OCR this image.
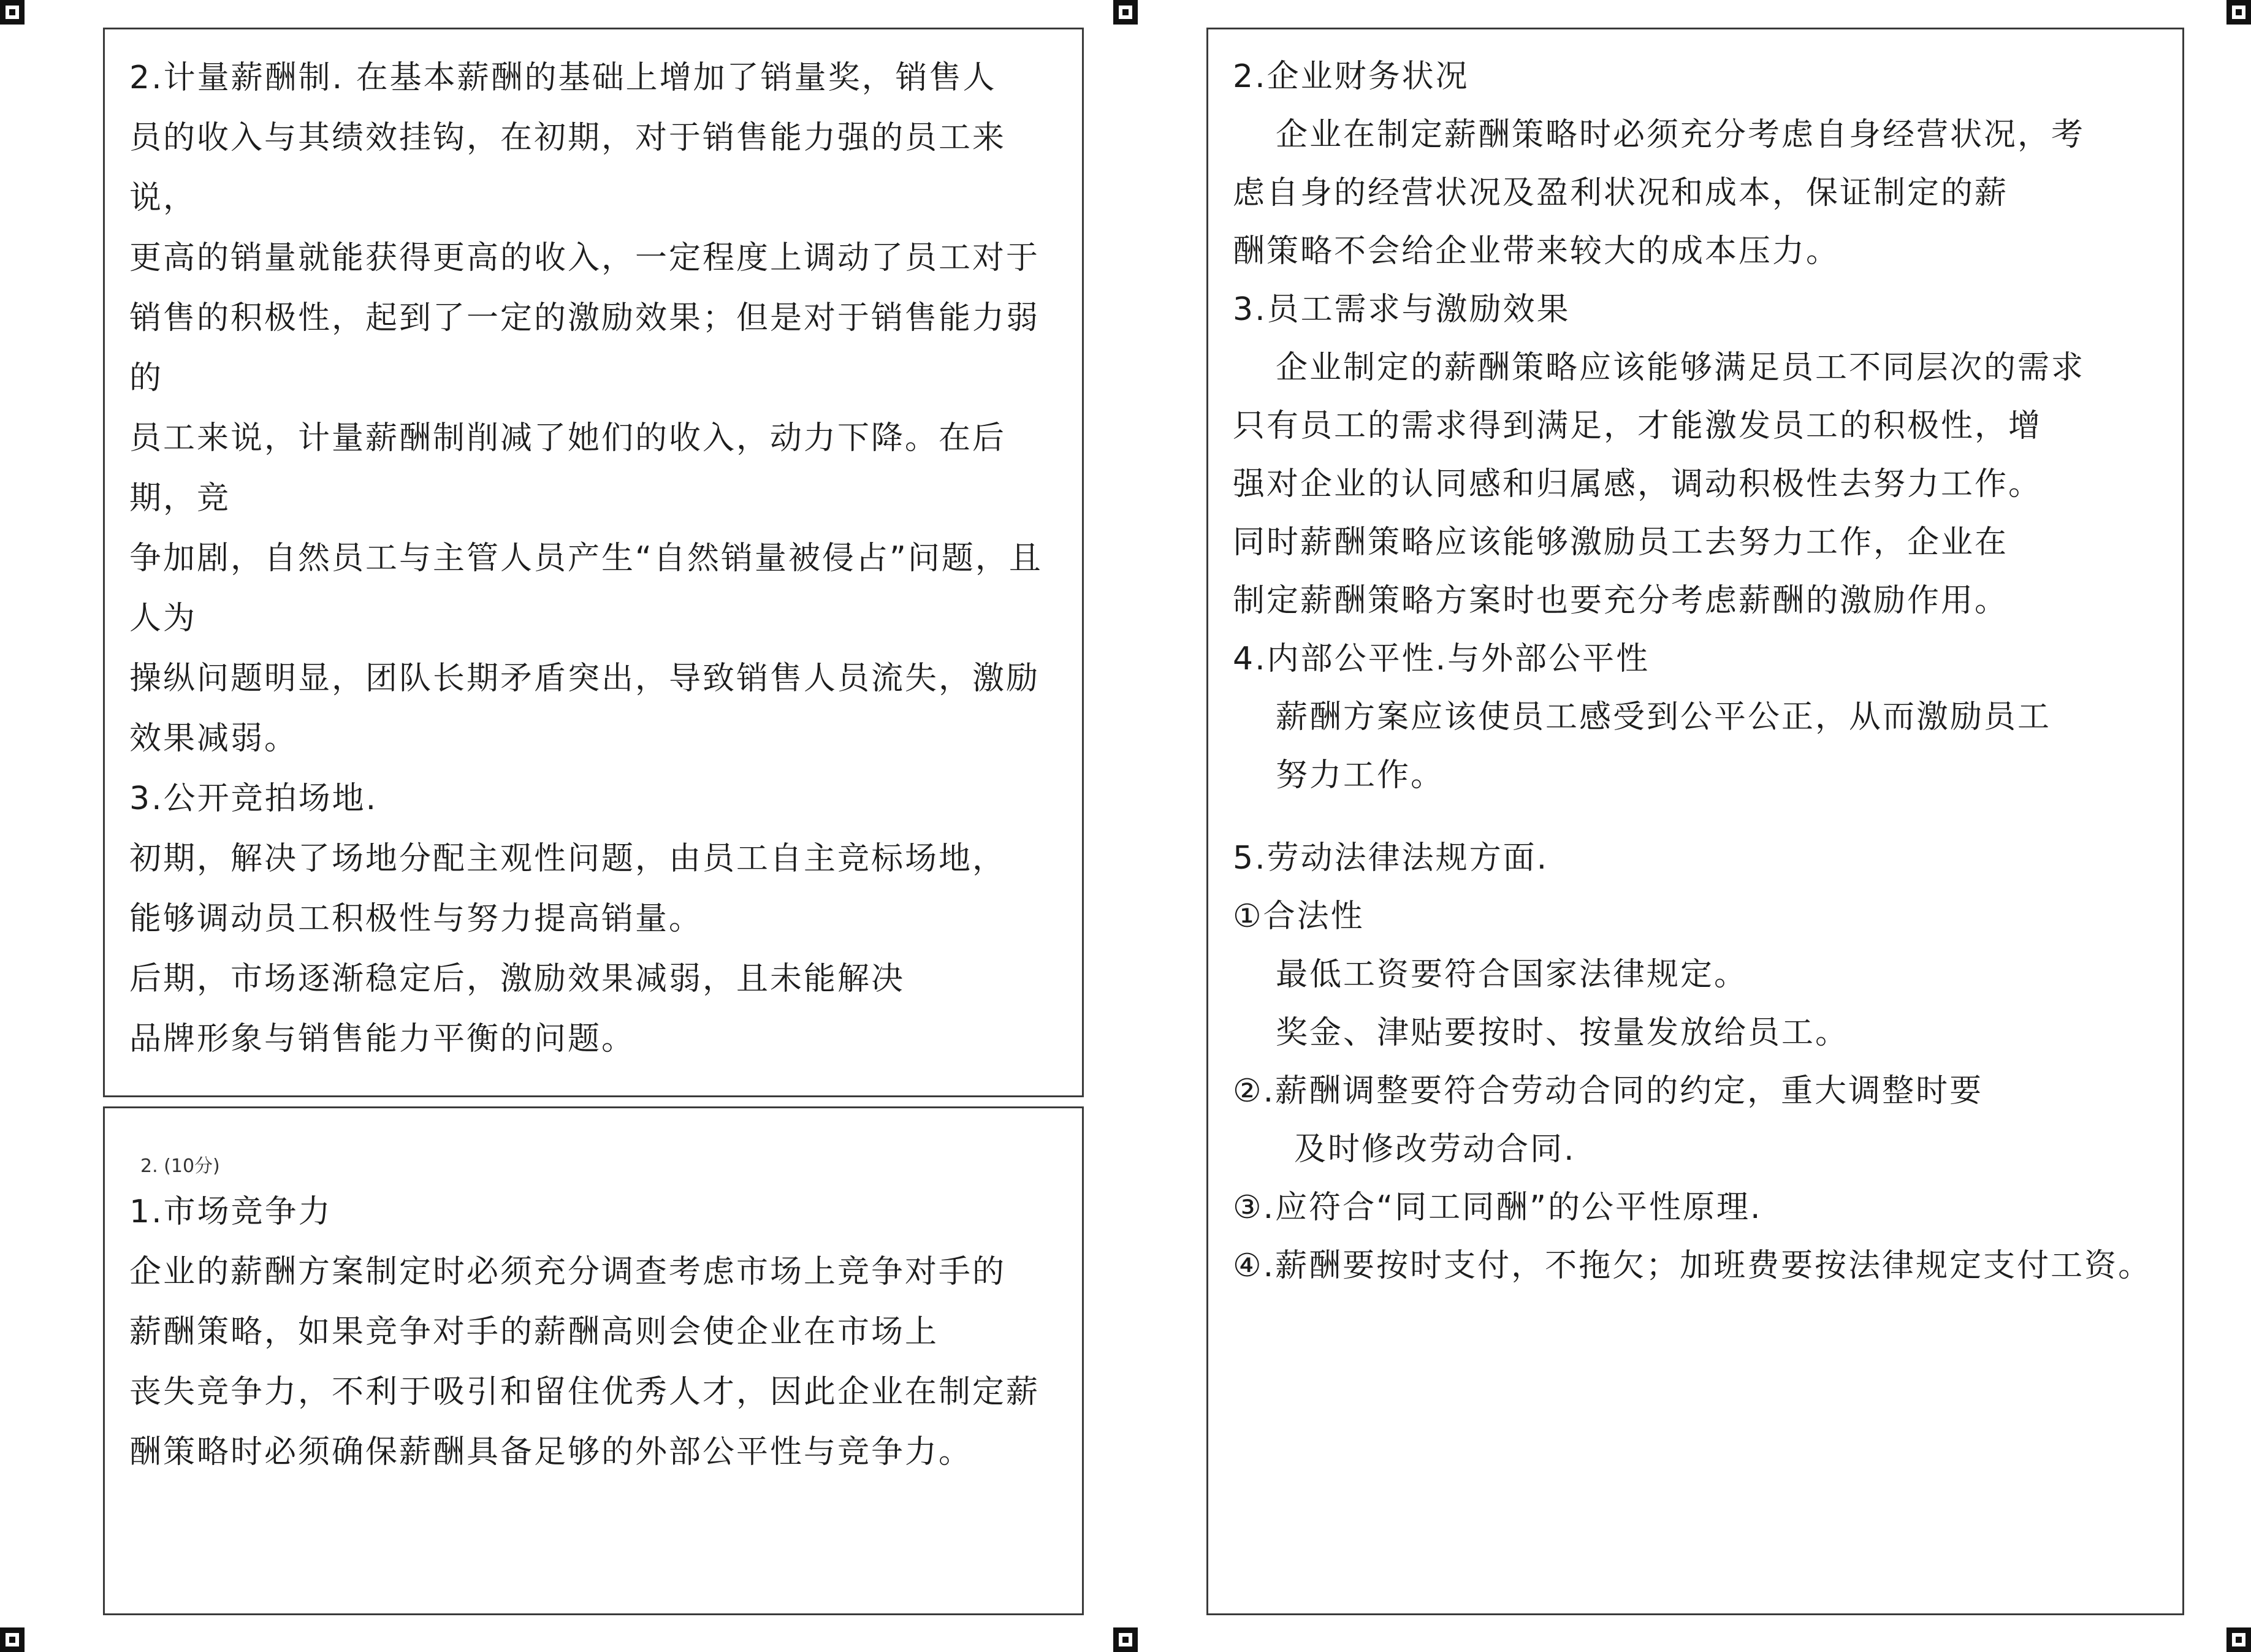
2.计量薪酬制. 在基本薪酬的基础上增加了销量奖，销售人

员的收入与其绩效挂钩，在初期，对于销售能力强的员工来说，

更高的销量就能获得更高的收入，一定程度上调动了员工对于

销售的积极性，起到了一定的激励效果；但是对于销售能力弱的

员工来说，计量薪酬制削减了她们的收入，动力下降。在后期，竞

争加剧，自然员工与主管人员产生“自然销量被侵占”问题，且人为

操纵问题明显，团队长期矛盾突出，导致销售人员流失，激励

效果减弱。

3.公开竞拍场地.

初期，解决了场地分配主观性问题，由员工自主竞标场地，

能够调动员工积极性与努力提高销量。

后期，市场逐渐稳定后，激励效果减弱，且未能解决

品牌形象与销售能力平衡的问题。

2. (10分)

1.市场竞争力

企业的薪酬方案制定时必须充分调查考虑市场上竞争对手的

薪酬策略，如果竞争对手的薪酬高则会使企业在市场上

丧失竞争力，不利于吸引和留住优秀人才，因此企业在制定薪

酬策略时必须确保薪酬具备足够的外部公平性与竞争力。

2.企业财务状况

企业在制定薪酬策略时必须充分考虑自身经营状况，考

虑自身的经营状况及盈利状况和成本，保证制定的薪

酬策略不会给企业带来较大的成本压力。

3.员工需求与激励效果

企业制定的薪酬策略应该能够满足员工不同层次的需求

只有员工的需求得到满足，才能激发员工的积极性，增

强对企业的认同感和归属感，调动积极性去努力工作。

同时薪酬策略应该能够激励员工去努力工作，企业在

制定薪酬策略方案时也要充分考虑薪酬的激励作用。

4.内部公平性.与外部公平性

薪酬方案应该使员工感受到公平公正，从而激励员工

努力工作。

5.劳动法律法规方面.

①合法性

最低工资要符合国家法律规定。

奖金、津贴要按时、按量发放给员工。

②.薪酬调整要符合劳动合同的约定，重大调整时要

及时修改劳动合同.

③.应符合“同工同酬”的公平性原理.

④.薪酬要按时支付，不拖欠；加班费要按法律规定支付工资。
